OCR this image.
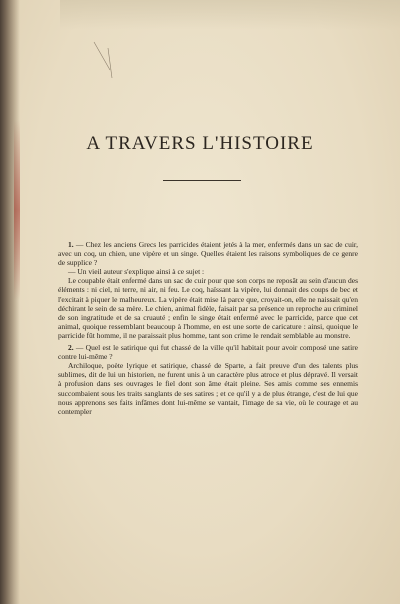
A TRAVERS L'HISTOIRE

1. — Chez les anciens Grecs les parricides étaient jetés à la mer, enfermés dans un sac de cuir, avec un coq, un chien, une vipère et un singe. Quelles étaient les raisons symboliques de ce genre de supplice ?

— Un vieil auteur s'explique ainsi à ce sujet :

Le coupable était enfermé dans un sac de cuir pour que son corps ne reposât au sein d'aucun des éléments : ni ciel, ni terre, ni air, ni feu. Le coq, haïssant la vipère, lui donnait des coups de bec et l'excitait à piquer le malheureux. La vipère était mise là parce que, croyait-on, elle ne naissait qu'en déchirant le sein de sa mère. Le chien, animal fidèle, faisait par sa présence un reproche au criminel de son ingratitude et de sa cruauté ; enfin le singe était enfermé avec le parricide, parce que cet animal, quoique ressemblant beaucoup à l'homme, en est une sorte de caricature : ainsi, quoique le parricide fût homme, il ne paraissait plus homme, tant son crime le rendait semblable au monstre.

2. — Quel est le satirique qui fut chassé de la ville qu'il habitait pour avoir composé une satire contre lui-même ?

Archiloque, poète lyrique et satirique, chassé de Sparte, a fait preuve d'un des talents plus sublimes, dit de lui un historien, ne furent unis à un caractère plus atroce et plus dépravé. Il versait à profusion dans ses ouvrages le fiel dont son âme était pleine. Ses amis comme ses ennemis succombaient sous les traits sanglants de ses satires ; et ce qu'il y a de plus étrange, c'est de lui que nous apprenons ses faits infâmes dont lui-même se vantait, l'image de sa vie, où le courage et au contempler
